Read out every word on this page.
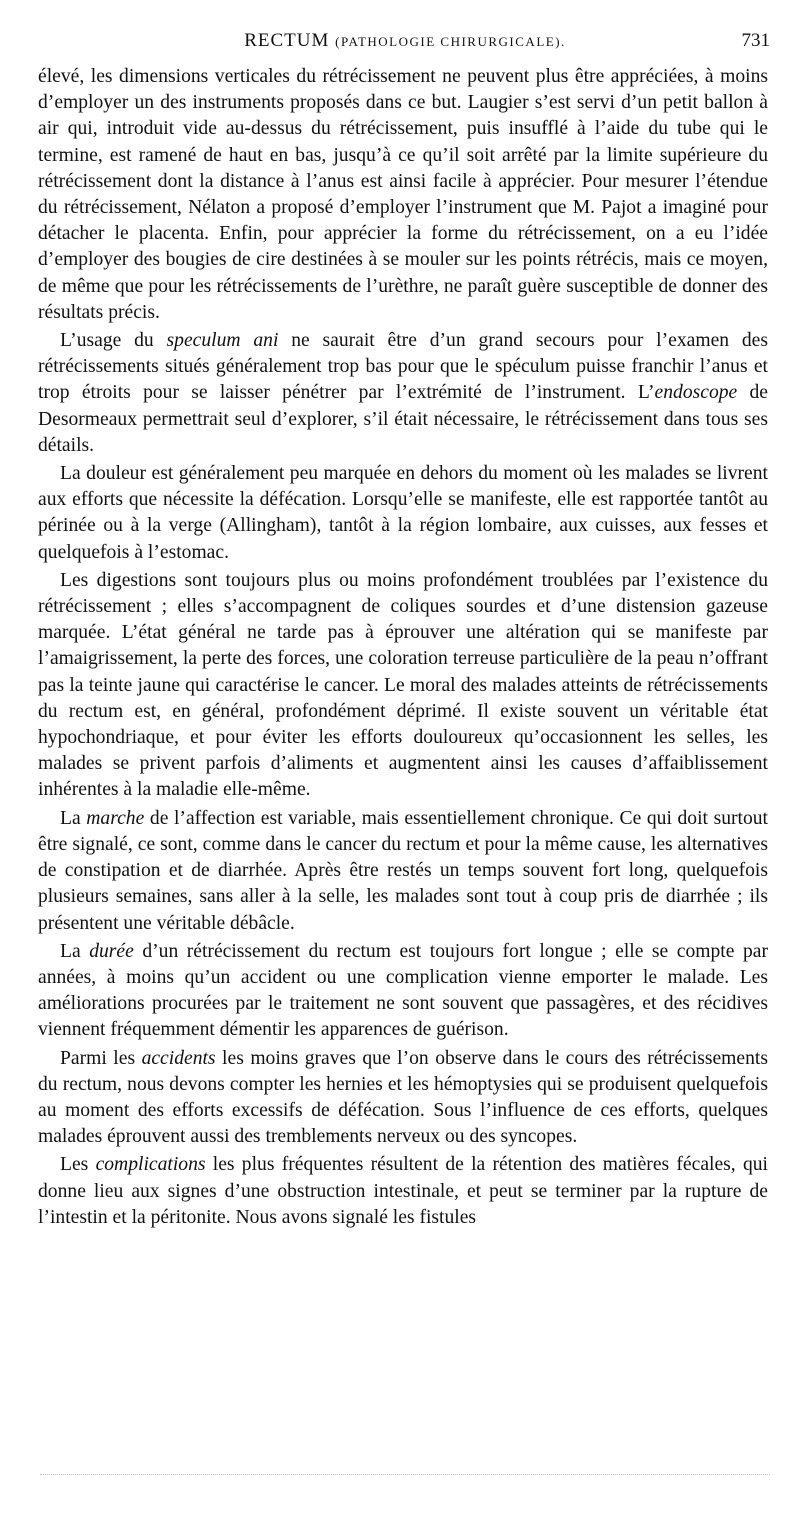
RECTUM (PATHOLOGIE CHIRURGICALE).	731

élevé, les dimensions verticales du rétrécissement ne peuvent plus être appréciées, à moins d’employer un des instruments proposés dans ce but. Laugier s’est servi d’un petit ballon à air qui, introduit vide au-dessus du rétrécissement, puis insufflé à l’aide du tube qui le termine, est ramené de haut en bas, jusqu’à ce qu’il soit arrêté par la limite supérieure du rétrécissement dont la distance à l’anus est ainsi facile à apprécier. Pour mesurer l’étendue du rétrécissement, Nélaton a proposé d’employer l’instrument que M. Pajot a imaginé pour détacher le placenta. Enfin, pour apprécier la forme du rétrécissement, on a eu l’idée d’employer des bougies de cire destinées à se mouler sur les points rétrécis, mais ce moyen, de même que pour les rétrécissements de l’urèthre, ne paraît guère susceptible de donner des résultats précis.

L’usage du speculum ani ne saurait être d’un grand secours pour l’examen des rétrécissements situés généralement trop bas pour que le spéculum puisse franchir l’anus et trop étroits pour se laisser pénétrer par l’extrémité de l’instrument. L’endoscope de Desormeaux permettrait seul d’explorer, s’il était nécessaire, le rétrécissement dans tous ses détails.

La douleur est généralement peu marquée en dehors du moment où les malades se livrent aux efforts que nécessite la défécation. Lorsqu’elle se manifeste, elle est rapportée tantôt au périnée ou à la verge (Allingham), tantôt à la région lombaire, aux cuisses, aux fesses et quelquefois à l’estomac.

Les digestions sont toujours plus ou moins profondément troublées par l’existence du rétrécissement ; elles s’accompagnent de coliques sourdes et d’une distension gazeuse marquée. L’état général ne tarde pas à éprouver une altération qui se manifeste par l’amaigrissement, la perte des forces, une coloration terreuse particulière de la peau n’offrant pas la teinte jaune qui caractérise le cancer. Le moral des malades atteints de rétrécissements du rectum est, en général, profondément déprimé. Il existe souvent un véritable état hypochondriaque, et pour éviter les efforts douloureux qu’occasionnent les selles, les malades se privent parfois d’aliments et augmentent ainsi les causes d’affaiblissement inhérentes à la maladie elle-même.

La marche de l’affection est variable, mais essentiellement chronique. Ce qui doit surtout être signalé, ce sont, comme dans le cancer du rectum et pour la même cause, les alternatives de constipation et de diarrhée. Après être restés un temps souvent fort long, quelquefois plusieurs semaines, sans aller à la selle, les malades sont tout à coup pris de diarrhée ; ils présentent une véritable débâcle.

La durée d’un rétrécissement du rectum est toujours fort longue ; elle se compte par années, à moins qu’un accident ou une complication vienne emporter le malade. Les améliorations procurées par le traitement ne sont souvent que passagères, et des récidives viennent fréquemment démentir les apparences de guérison.

Parmi les accidents les moins graves que l’on observe dans le cours des rétrécissements du rectum, nous devons compter les hernies et les hémoptysies qui se produisent quelquefois au moment des efforts excessifs de défécation. Sous l’influence de ces efforts, quelques malades éprouvent aussi des tremblements nerveux ou des syncopes.

Les complications les plus fréquentes résultent de la rétention des matières fécales, qui donne lieu aux signes d’une obstruction intestinale, et peut se terminer par la rupture de l’intestin et la péritonite. Nous avons signalé les fistules
